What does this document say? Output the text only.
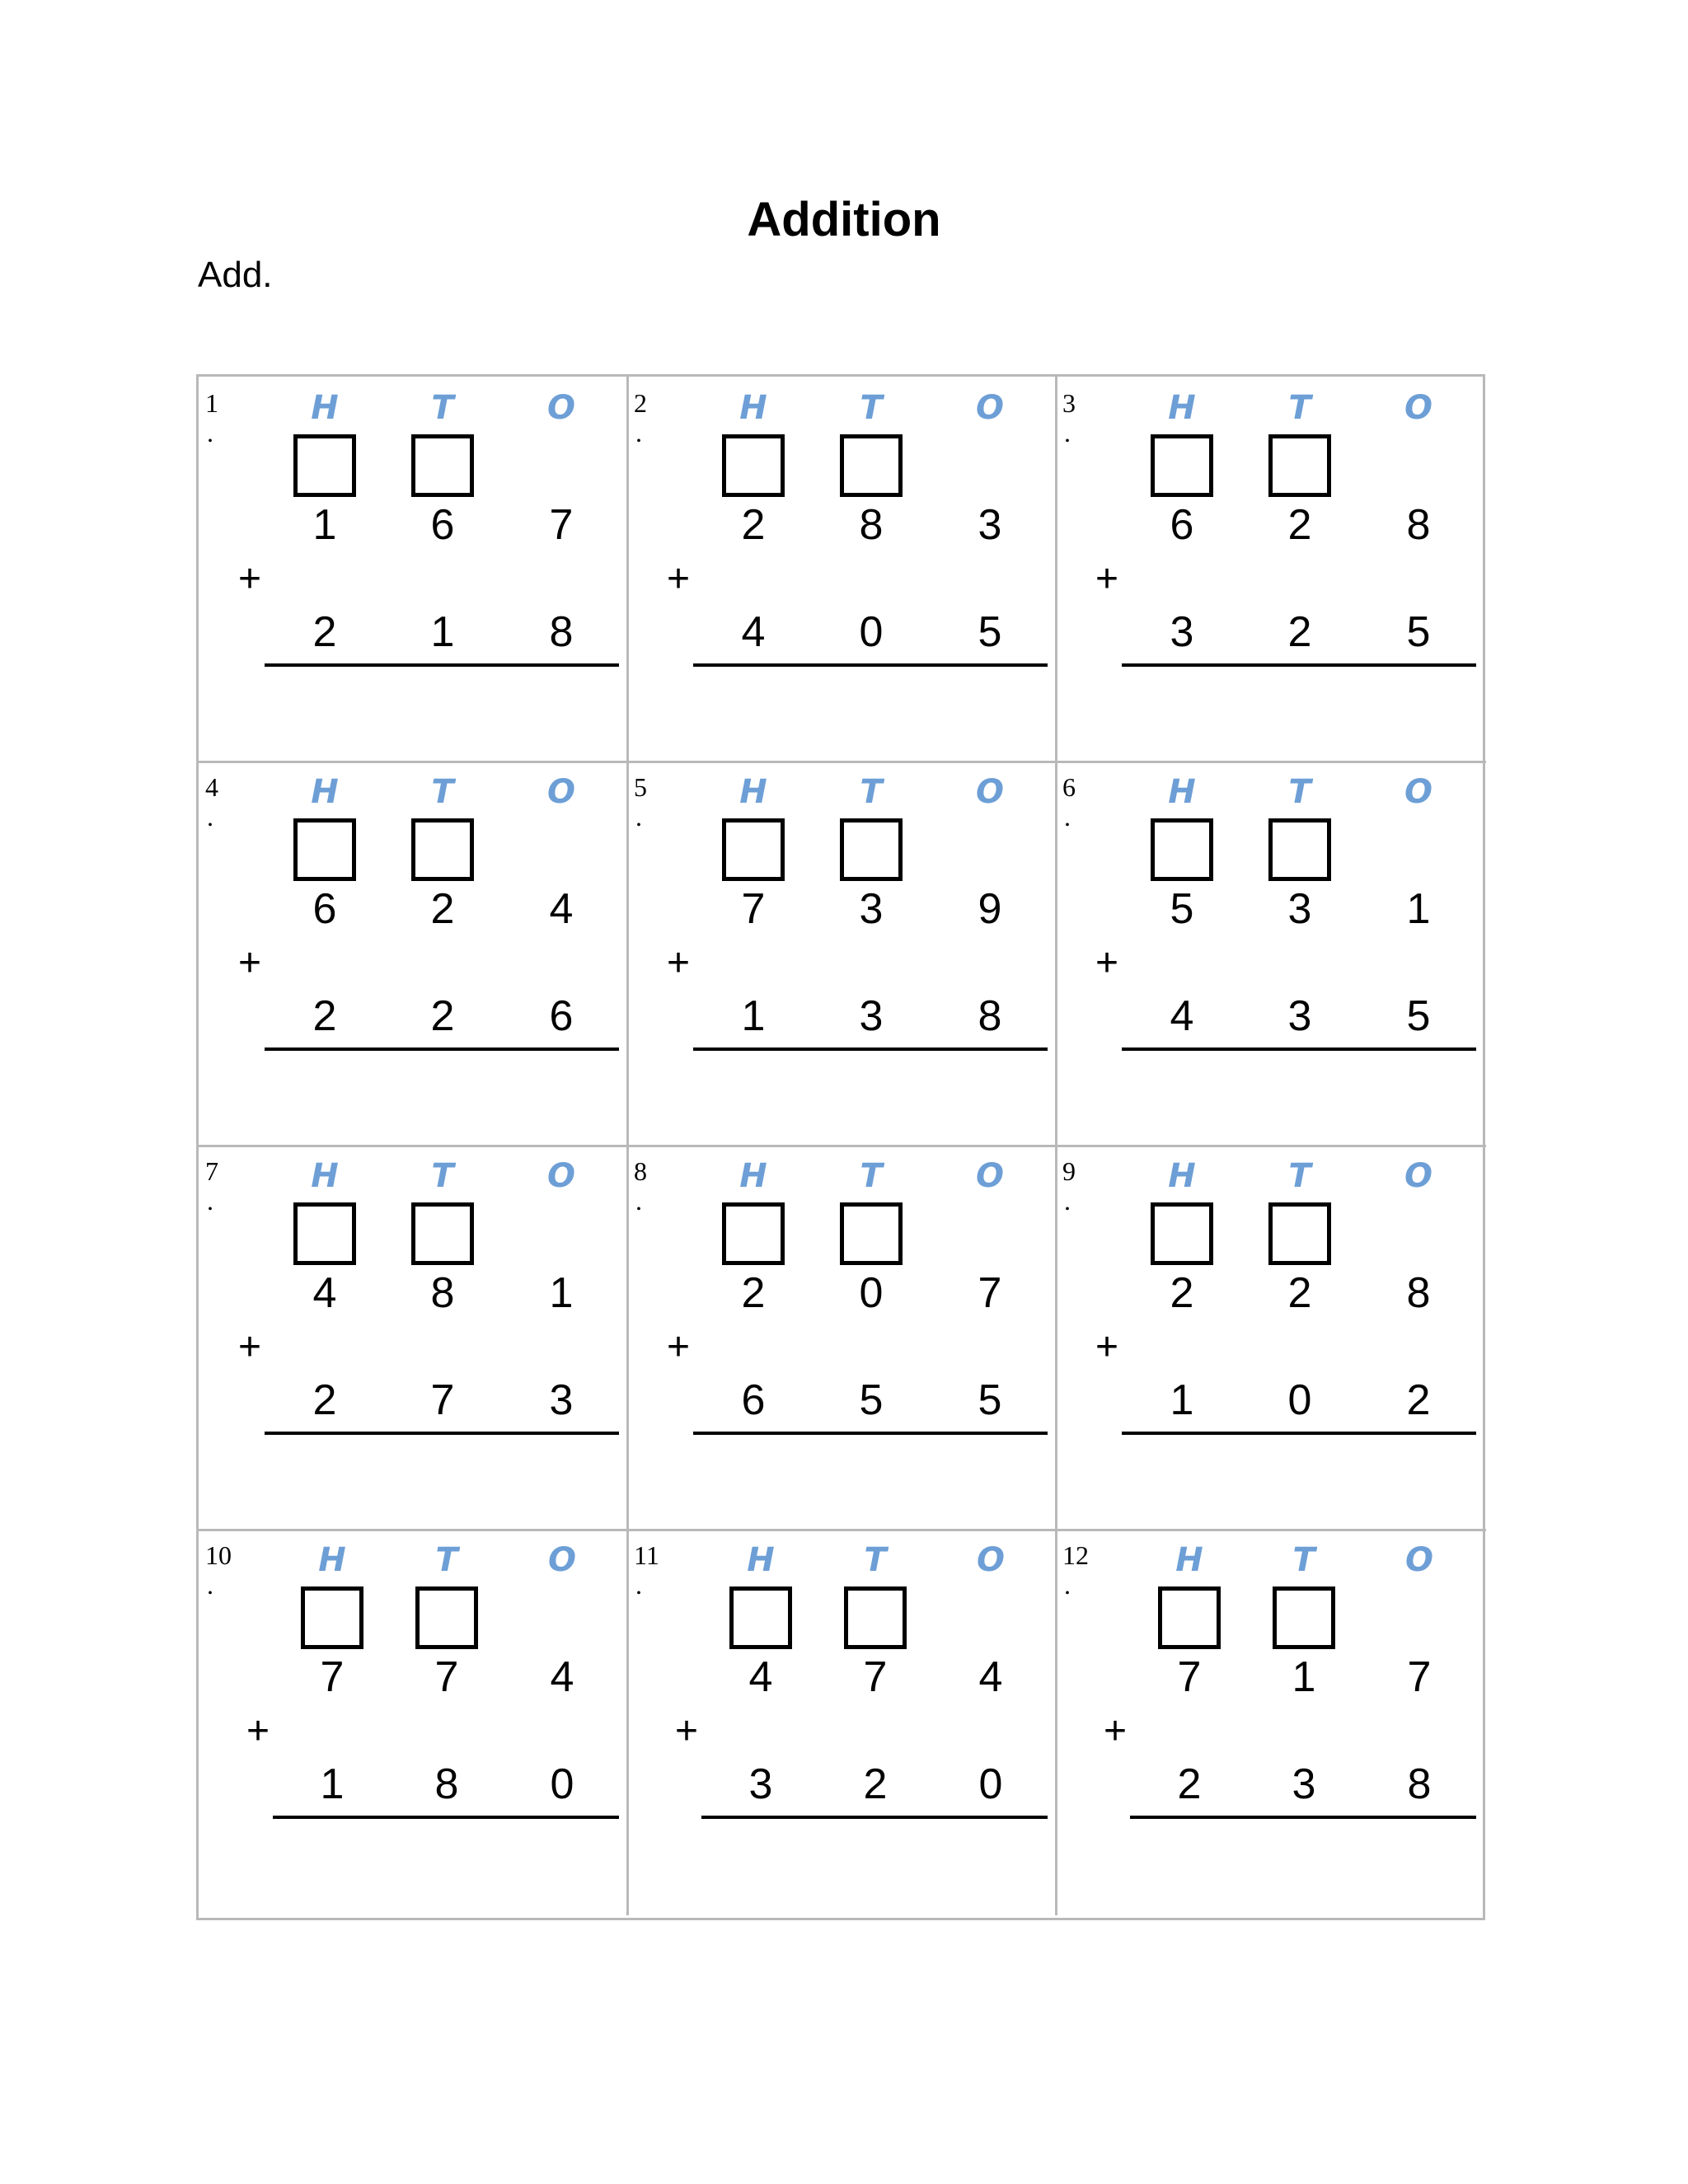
Addition
Add.
1
.
H	T	O
1	6	7
+
2	1	8
2
.
H	T	O
2	8	3
+
4	0	5
3
.
H	T	O
6	2	8
+
3	2	5
4
.
H	T	O
6	2	4
+
2	2	6
5
.
H	T	O
7	3	9
+
1	3	8
6
.
H	T	O
5	3	1
+
4	3	5
7
.
H	T	O
4	8	1
+
2	7	3
8
.
H	T	O
2	0	7
+
6	5	5
9
.
H	T	O
2	2	8
+
1	0	2
10
.
H	T	O
7	7	4
+
1	8	0
11
.
H	T	O
4	7	4
+
3	2	0
12
.
H	T	O
7	1	7
+
2	3	8
